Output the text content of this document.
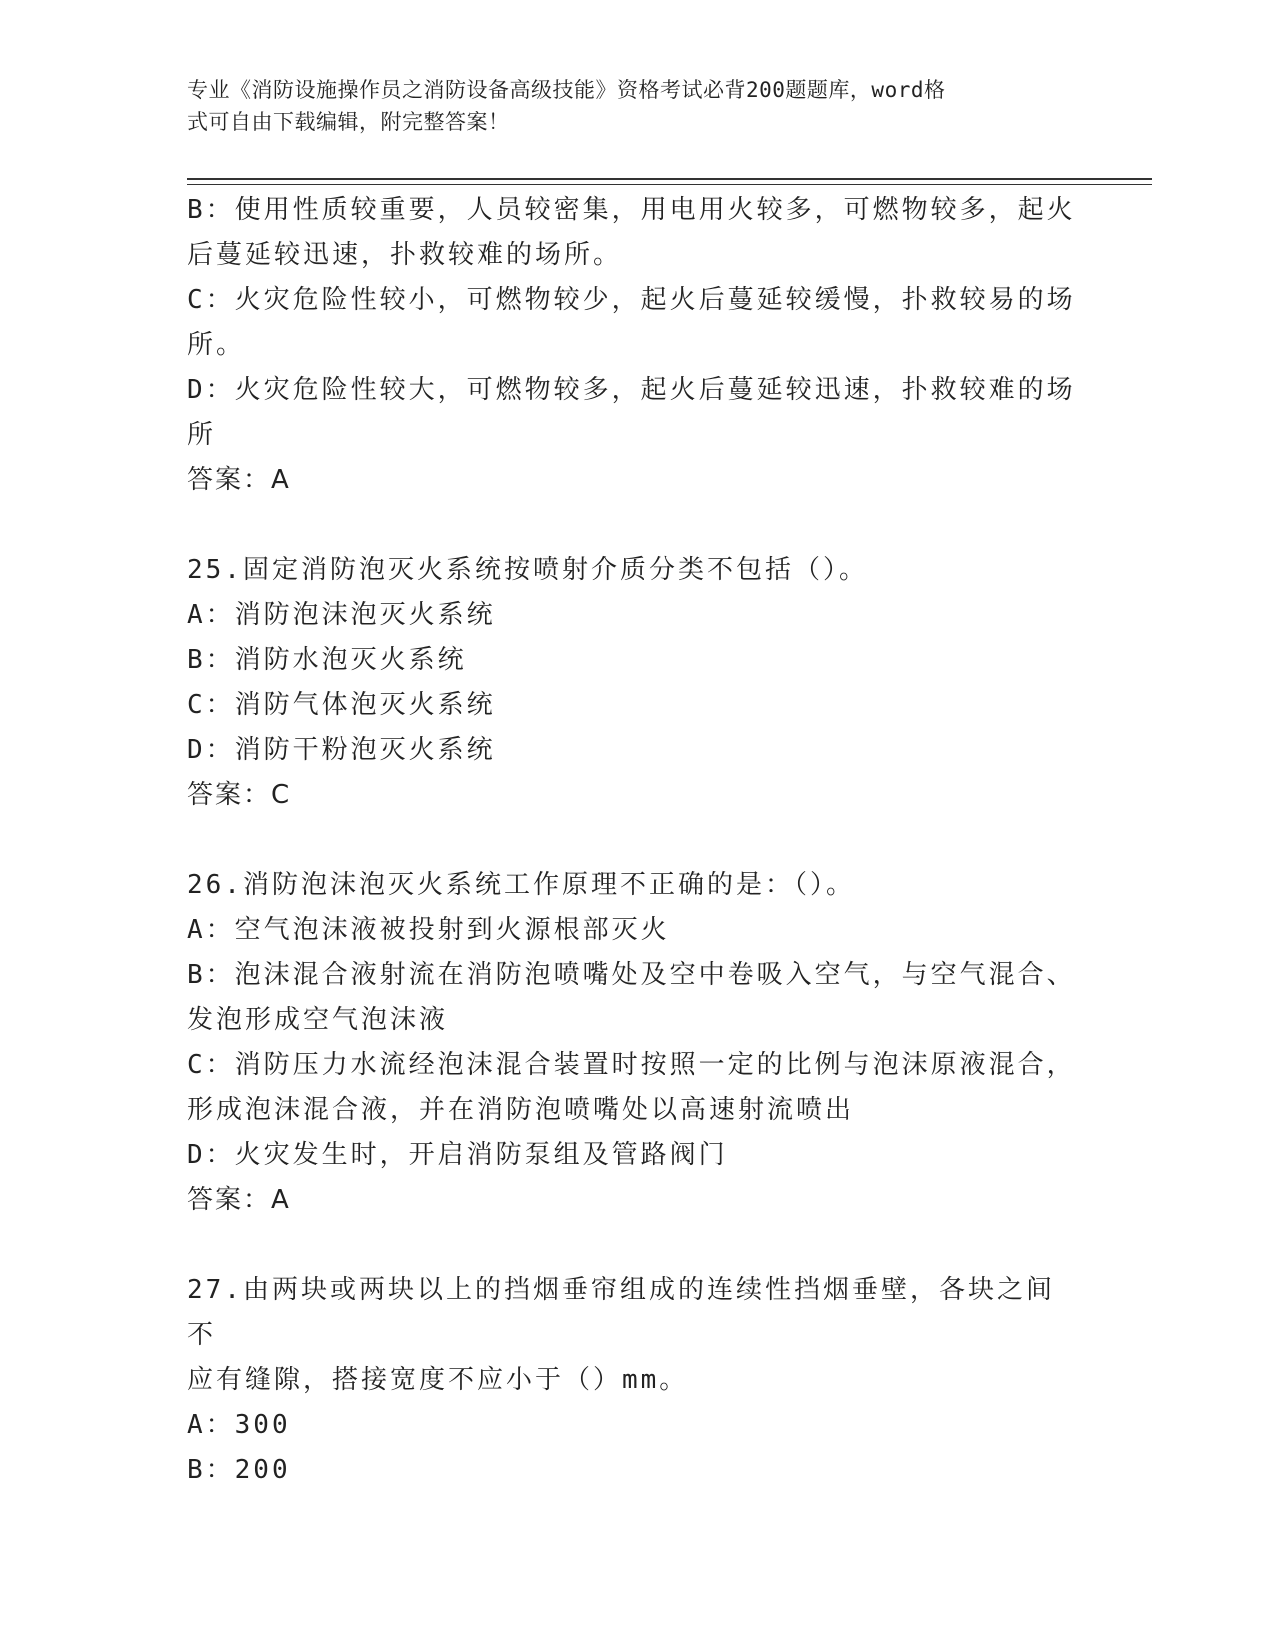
专业《消防设施操作员之消防设备高级技能》资格考试必背200题题库，word格
式可自由下载编辑，附完整答案！
B：使用性质较重要，人员较密集，用电用火较多，可燃物较多，起火
后蔓延较迅速，扑救较难的场所。
C：火灾危险性较小，可燃物较少，起火后蔓延较缓慢，扑救较易的场
所。
D：火灾危险性较大，可燃物较多，起火后蔓延较迅速，扑救较难的场
所
答案：A
25.固定消防泡灭火系统按喷射介质分类不包括（）。
A：消防泡沫泡灭火系统
B：消防水泡灭火系统
C：消防气体泡灭火系统
D：消防干粉泡灭火系统
答案：C
26.消防泡沫泡灭火系统工作原理不正确的是：（）。
A：空气泡沫液被投射到火源根部灭火
B：泡沫混合液射流在消防泡喷嘴处及空中卷吸入空气，与空气混合、
发泡形成空气泡沫液
C：消防压力水流经泡沫混合装置时按照一定的比例与泡沫原液混合，
形成泡沫混合液，并在消防泡喷嘴处以高速射流喷出
D：火灾发生时，开启消防泵组及管路阀门
答案：A
27.由两块或两块以上的挡烟垂帘组成的连续性挡烟垂壁，各块之间不
应有缝隙，搭接宽度不应小于（）mm。
A：300
B：200
